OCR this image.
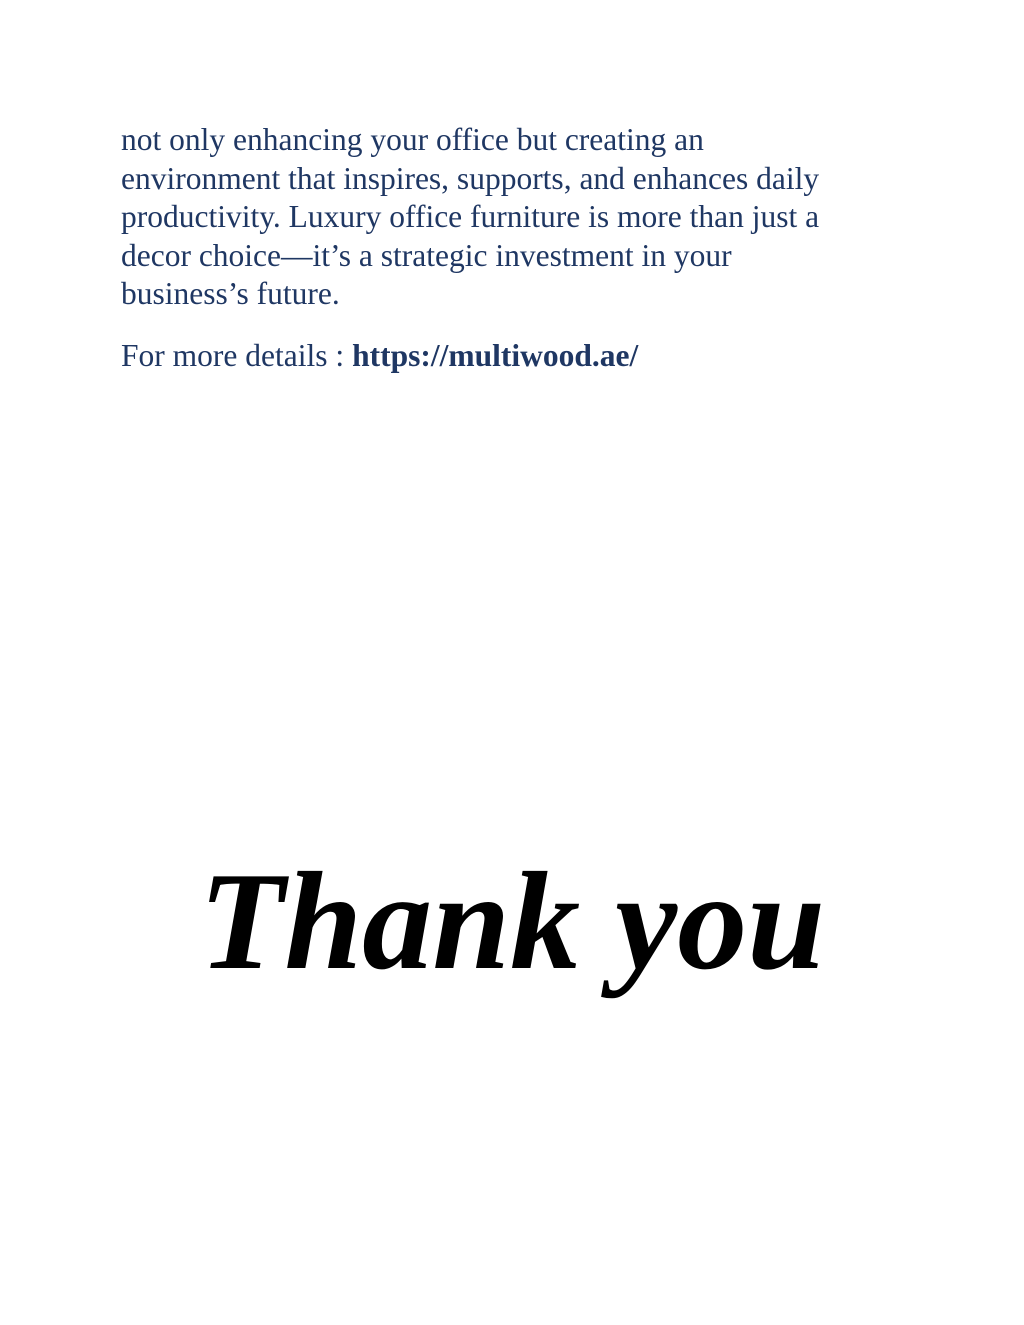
not only enhancing your office but creating an
environment that inspires, supports, and enhances daily
productivity. Luxury office furniture is more than just a
decor choice—it’s a strategic investment in your
business’s future.
For more details : https://multiwood.ae/
Thank you
